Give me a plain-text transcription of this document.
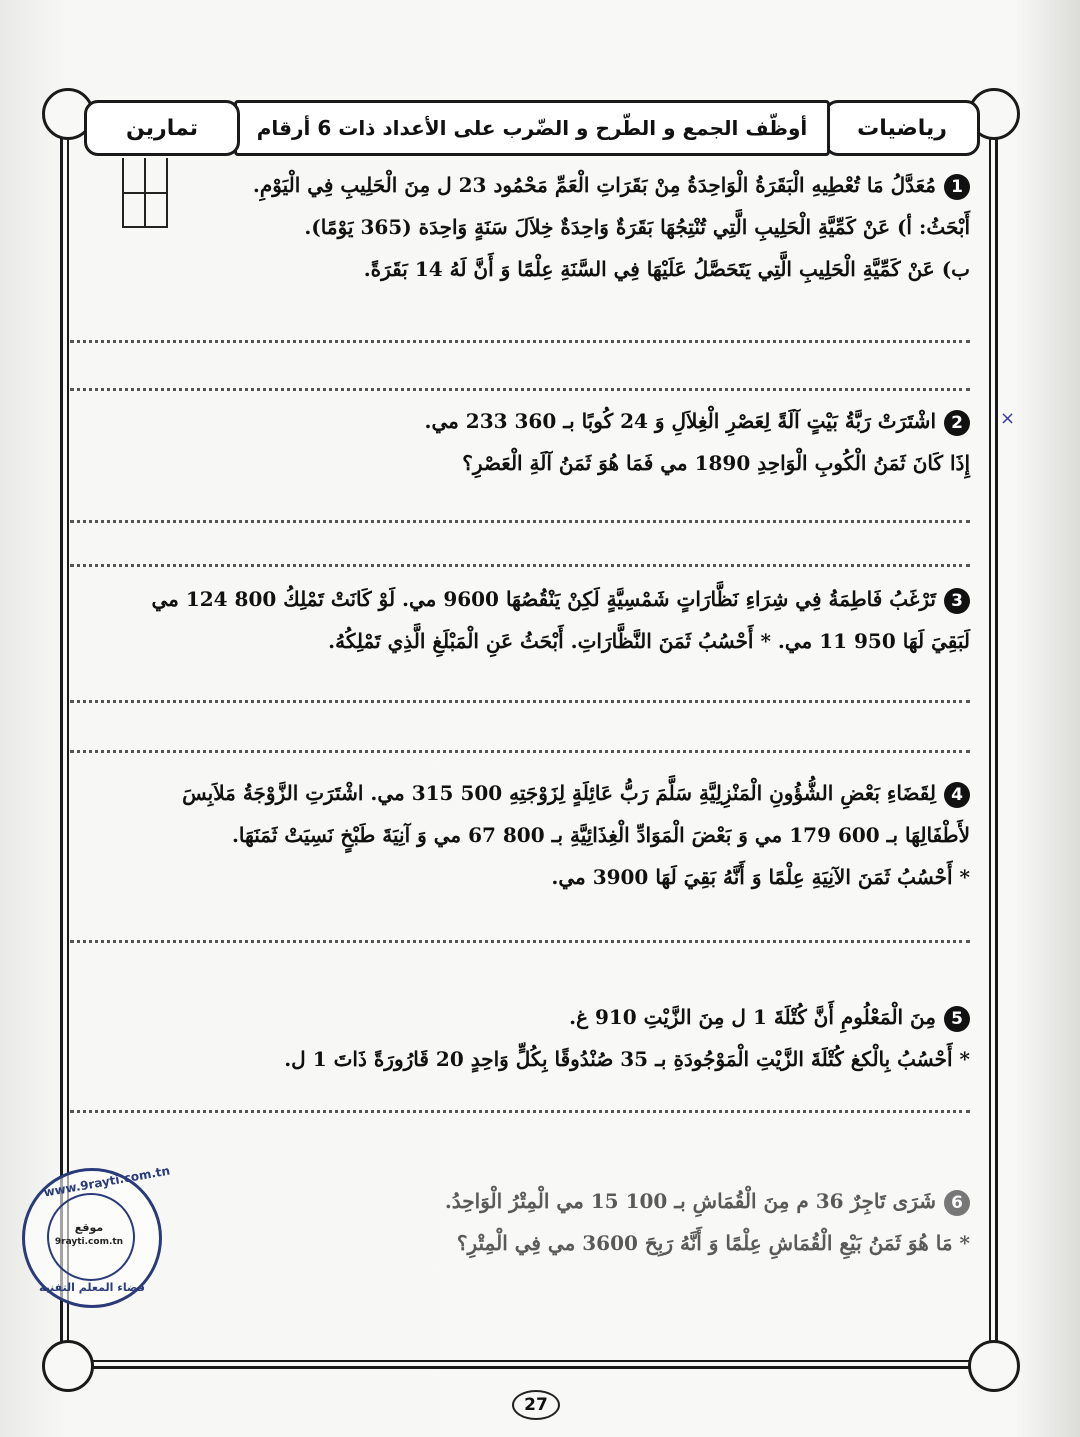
رياضيات
أوظّف الجمع و الطّرح و الضّرب على الأعداد ذات 6 أرقام
تمارين
×
1مُعَدَّلُ مَا تُعْطِيهِ الْبَقَرَةُ الْوَاحِدَةُ مِنْ بَقَرَاتِ الْعَمِّ مَحْمُود 23 ل مِنَ الْحَلِيبِ فِي الْيَوْمِ.
أَبْحَثُ: أ) عَنْ كَمِّيَّةِ الْحَلِيبِ الَّتِي تُنْتِجُهَا بَقَرَةٌ وَاحِدَةٌ خِلاَلَ سَنَةٍ وَاحِدَة (365 يَوْمًا).
ب) عَنْ كَمِّيَّةِ الْحَلِيبِ الَّتِي يَتَحَصَّلُ عَلَيْهَا فِي السَّنَةِ عِلْمًا وَ أَنَّ لَهُ 14 بَقَرَةً.
2اشْتَرَتْ رَبَّةُ بَيْتٍ آلَةً لِعَصْرِ الْغِلاَلِ وَ 24 كُوبًا بـ 360 233 مي.
إِذَا كَانَ ثَمَنُ الْكُوبِ الْوَاحِدِ 1890 مي فَمَا هُوَ ثَمَنُ آلَةِ الْعَصْرِ؟
3تَرْغَبُ فَاطِمَةُ فِي شِرَاءِ نَظَّارَاتٍ شَمْسِيَّةٍ لَكِنْ يَنْقُصُهَا 9600 مي. لَوْ كَانَتْ تَمْلِكُ 800 124 مي
لَبَقِيَ لَهَا 950 11 مي. * أَحْسُبُ ثَمَنَ النَّظَّارَاتِ. أَبْحَثُ عَنِ الْمَبْلَغِ الَّذِي تَمْلِكُهُ.
4لِقَضَاءِ بَعْضِ الشُّؤُونِ الْمَنْزِلِيَّةِ سَلَّمَ رَبُّ عَائِلَةٍ لِزَوْجَتِهِ 500 315 مي. اشْتَرَتِ الزَّوْجَةُ مَلاَبِسَ
لأَطْفَالِهَا بـ 600 179 مي وَ بَعْضَ الْمَوَادِّ الْغِذَائِيَّةِ بـ 800 67 مي وَ آنِيَةَ طَبْخٍ نَسِيَتْ ثَمَنَهَا.
* أَحْسُبُ ثَمَنَ الآنِيَةِ عِلْمًا وَ أَنَّهُ بَقِيَ لَهَا 3900 مي.
5مِنَ الْمَعْلُومِ أَنَّ كُتْلَةَ 1 ل مِنَ الزَّيْتِ 910 غ.
* أَحْسُبُ بِالْكغ كُتْلَةَ الزَّيْتِ الْمَوْجُودَةِ بـ 35 صُنْدُوقًا بِكُلٍّ وَاحِدٍ 20 قَارُورَةً ذَاتَ 1 ل.
6شَرَى تَاجِرٌ 36 م مِنَ الْقُمَاشِ بـ 100 15 مي الْمِتْرُ الْوَاحِدُ.
* مَا هُوَ ثَمَنُ بَيْعِ الْقُمَاشِ عِلْمًا وَ أَنَّهُ رَبِحَ 3600 مي فِي الْمِتْرِ؟
www.9rayti.com.tn
موقع
9rayti.com.tn
فضاء المعلم التفنية
27
